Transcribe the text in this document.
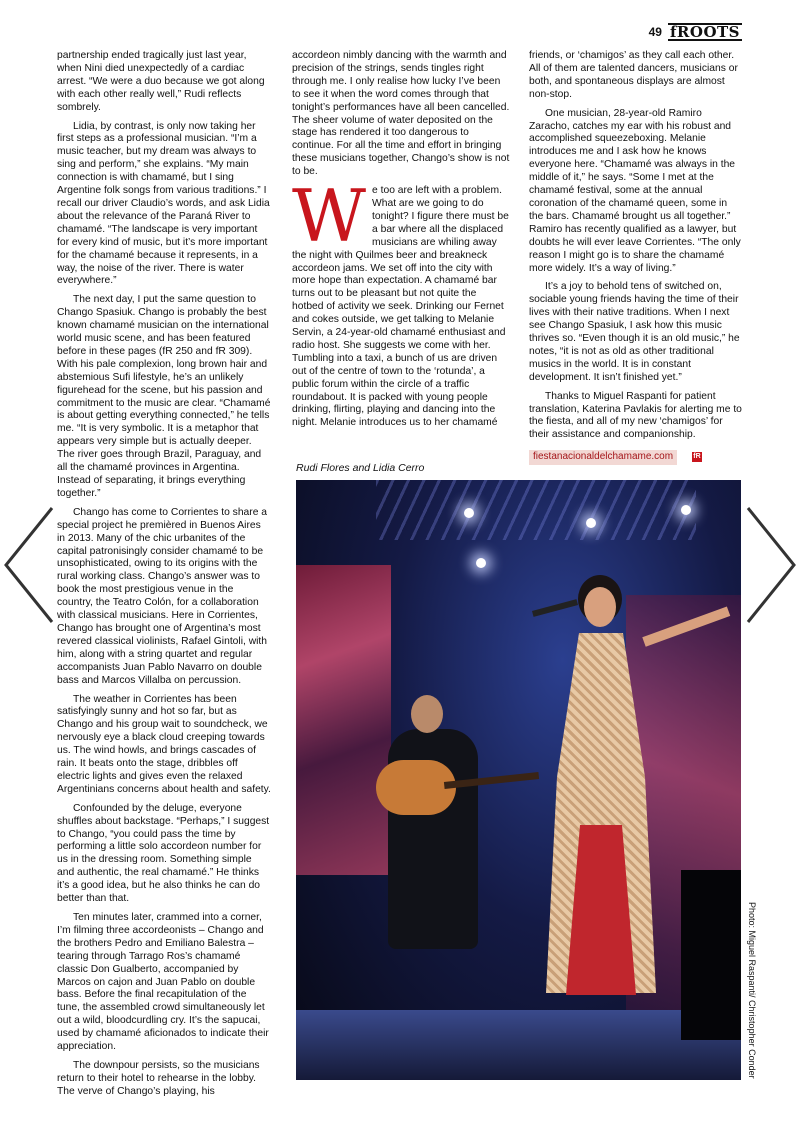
49 fROOTS

partnership ended tragically just last year, when Nini died unexpectedly of a cardiac arrest. “We were a duo because we got along with each other really well,” Rudi reflects sombrely.

Lidia, by contrast, is only now taking her first steps as a professional musician. “I’m a music teacher, but my dream was always to sing and perform,” she explains. “My main connection is with chamamé, but I sing Argentine folk songs from various traditions.” I recall our driver Claudio’s words, and ask Lidia about the relevance of the Paraná River to chamamé. “The landscape is very important for every kind of music, but it’s more important for the chamamé because it represents, in a way, the noise of the river. There is water everywhere.”

The next day, I put the same question to Chango Spasiuk. Chango is probably the best known chamamé musician on the international world music scene, and has been featured before in these pages (fR 250 and fR 309). With his pale complexion, long brown hair and abstemious Sufi lifestyle, he’s an unlikely figurehead for the scene, but his passion and commitment to the music are clear. “Chamamé is about getting everything connected,” he tells me. “It is very symbolic. It is a metaphor that appears very simple but is actually deeper. The river goes through Brazil, Paraguay, and all the chamamé provinces in Argentina. Instead of separating, it brings everything together.”

Chango has come to Corrientes to share a special project he premièred in Buenos Aires in 2013. Many of the chic urbanites of the capital patronisingly consider chamamé to be unsophisticated, owing to its origins with the rural working class. Chango’s answer was to book the most prestigious venue in the country, the Teatro Colón, for a collaboration with classical musicians. Here in Corrientes, Chango has brought one of Argentina’s most revered classical violinists, Rafael Gintoli, with him, along with a string quartet and regular accompanists Juan Pablo Navarro on double bass and Marcos Villalba on percussion.

The weather in Corrientes has been satisfyingly sunny and hot so far, but as Chango and his group wait to soundcheck, we nervously eye a black cloud creeping towards us. The wind howls, and brings cascades of rain. It beats onto the stage, dribbles off electric lights and gives even the relaxed Argentinians concerns about health and safety.

Confounded by the deluge, everyone shuffles about backstage. “Perhaps,” I suggest to Chango, “you could pass the time by performing a little solo accordeon number for us in the dressing room. Something simple and authentic, the real chamamé.” He thinks it’s a good idea, but he also thinks he can do better than that.

Ten minutes later, crammed into a corner, I’m filming three accordeonists – Chango and the brothers Pedro and Emiliano Balestra – tearing through Tarrago Ros’s chamamé classic Don Gualberto, accompanied by Marcos on cajon and Juan Pablo on double bass. Before the final recapitulation of the tune, the assembled crowd simultaneously let out a wild, bloodcurdling cry. It’s the sapucai, used by chamamé aficionados to indicate their appreciation.

The downpour persists, so the musicians return to their hotel to rehearse in the lobby. The verve of Chango’s playing, his

accordeon nimbly dancing with the warmth and precision of the strings, sends tingles right through me. I only realise how lucky I’ve been to see it when the word comes through that tonight’s performances have all been cancelled. The sheer volume of water deposited on the stage has rendered it too dangerous to continue. For all the time and effort in bringing these musicians together, Chango’s show is not to be.

W e too are left with a problem. What are we going to do tonight? I figure there must be a bar where all the displaced musicians are whiling away the night with Quilmes beer and breakneck accordeon jams. We set off into the city with more hope than expectation. A chamamé bar turns out to be pleasant but not quite the hotbed of activity we seek. Drinking our Fernet and cokes outside, we get talking to Melanie Servin, a 24-year-old chamamé enthusiast and radio host. She suggests we come with her. Tumbling into a taxi, a bunch of us are driven out of the centre of town to the ‘rotunda’, a public forum within the circle of a traffic roundabout. It is packed with young people drinking, flirting, playing and dancing into the night. Melanie introduces us to her chamamé

friends, or ‘chamigos’ as they call each other. All of them are talented dancers, musicians or both, and spontaneous displays are almost non-stop.

One musician, 28-year-old Ramiro Zaracho, catches my ear with his robust and accomplished squeezeboxing. Melanie introduces me and I ask how he knows everyone here. “Chamamé was always in the middle of it,” he says. “Some I met at the chamamé festival, some at the annual coronation of the chamamé queen, some in the bars. Chamamé brought us all together.” Ramiro has recently qualified as a lawyer, but doubts he will ever leave Corrientes. “The only reason I might go is to share the chamamé more widely. It’s a way of living.”

It’s a joy to behold tens of switched on, sociable young friends having the time of their lives with their native traditions. When I next see Chango Spasiuk, I ask how this music thrives so. “Even though it is an old music,” he notes, “it is not as old as other traditional musics in the world. It is in constant development. It isn’t finished yet.”

Thanks to Miguel Raspanti for patient translation, Katerina Pavlakis for alerting me to the fiesta, and all of my new ‘chamigos’ for their assistance and companionship.

fiestanacionaldelchamame.com	fR
Rudi Flores and Lidia Cerro
Photo: Miguel Raspanti/ Christopher Conder
